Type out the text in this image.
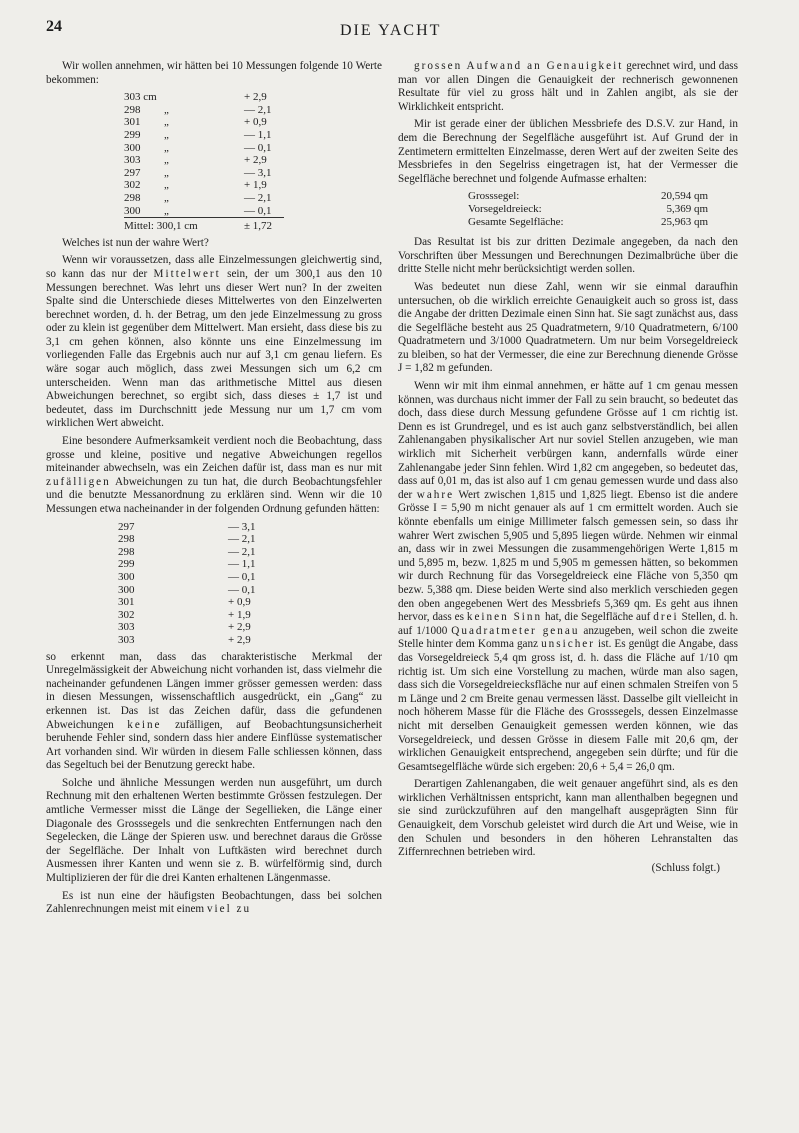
24	DIE YACHT

Wir wollen annehmen, wir hätten bei 10 Messungen folgende 10 Werte bekommen:

303 cm		+ 2,9
298	„	— 2,1
301	„	+ 0,9
299	„	— 1,1
300	„	— 0,1
303	„	+ 2,9
297	„	— 3,1
302	„	+ 1,9
298	„	— 2,1
300	„	— 0,1
Mittel: 300,1 cm		± 1,72

Welches ist nun der wahre Wert?

Wenn wir voraussetzen, dass alle Einzelmessungen gleichwertig sind, so kann das nur der Mittelwert sein, der um 300,1 aus den 10 Messungen berechnet. Was lehrt uns dieser Wert nun? In der zweiten Spalte sind die Unterschiede dieses Mittelwertes von den Einzelwerten berechnet worden, d. h. der Betrag, um den jede Einzelmessung zu gross oder zu klein ist gegenüber dem Mittelwert. Man ersieht, dass diese bis zu 3,1 cm gehen können, also könnte uns eine Einzelmessung im vorliegenden Falle das Ergebnis auch nur auf 3,1 cm genau liefern. Es wäre sogar auch möglich, dass zwei Messungen sich um 6,2 cm unterscheiden. Wenn man das arithmetische Mittel aus diesen Abweichungen berechnet, so ergibt sich, dass dieses ± 1,7 ist und bedeutet, dass im Durchschnitt jede Messung nur um 1,7 cm vom wirklichen Wert abweicht.

Eine besondere Aufmerksamkeit verdient noch die Beobachtung, dass grosse und kleine, positive und negative Abweichungen regellos miteinander abwechseln, was ein Zeichen dafür ist, dass man es nur mit zufälligen Abweichungen zu tun hat, die durch Beobachtungsfehler und die benutzte Messanordnung zu erklären sind. Wenn wir die 10 Messungen etwa nacheinander in der folgenden Ordnung gefunden hätten:

297	— 3,1
298	— 2,1
298	— 2,1
299	— 1,1
300	— 0,1
300	— 0,1
301	+ 0,9
302	+ 1,9
303	+ 2,9
303	+ 2,9

so erkennt man, dass das charakteristische Merkmal der Unregelmässigkeit der Abweichung nicht vorhanden ist, dass vielmehr die nacheinander gefundenen Längen immer grösser gemessen werden: dass in diesen Messungen, wissenschaftlich ausgedrückt, ein „Gang“ zu erkennen ist. Das ist das Zeichen dafür, dass die gefundenen Abweichungen keine zufälligen, auf Beobachtungsunsicherheit beruhende Fehler sind, sondern dass hier andere Einflüsse systematischer Art vorhanden sind. Wir würden in diesem Falle schliessen können, dass das Segeltuch bei der Benutzung gereckt habe.

Solche und ähnliche Messungen werden nun ausgeführt, um durch Rechnung mit den erhaltenen Werten bestimmte Grössen festzulegen. Der amtliche Vermesser misst die Länge der Segellieken, die Länge einer Diagonale des Grosssegels und die senkrechten Entfernungen nach den Segelecken, die Länge der Spieren usw. und berechnet daraus die Grösse der Segelfläche. Der Inhalt von Luftkästen wird berechnet durch Ausmessen ihrer Kanten und wenn sie z. B. würfelförmig sind, durch Multiplizieren der für die drei Kanten erhaltenen Längenmasse.

Es ist nun eine der häufigsten Beobachtungen, dass bei solchen Zahlenrechnungen meist mit einem viel zu

grossen Aufwand an Genauigkeit gerechnet wird, und dass man vor allen Dingen die Genauigkeit der rechnerisch gewonnenen Resultate für viel zu gross hält und in Zahlen angibt, als sie der Wirklichkeit entspricht.

Mir ist gerade einer der üblichen Messbriefe des D.S.V. zur Hand, in dem die Berechnung der Segelfläche ausgeführt ist. Auf Grund der in Zentimetern ermittelten Einzelmasse, deren Wert auf der zweiten Seite des Messbriefes in den Segelriss eingetragen ist, hat der Vermesser die Segelfläche berechnet und folgende Aufmasse erhalten:

Grosssegel:	20,594 qm
Vorsegeldreieck:	5,369 qm
Gesamte Segelfläche:	25,963 qm

Das Resultat ist bis zur dritten Dezimale angegeben, da nach den Vorschriften über Messungen und Berechnungen Dezimalbrüche über die dritte Stelle nicht mehr berücksichtigt werden sollen.

Was bedeutet nun diese Zahl, wenn wir sie einmal daraufhin untersuchen, ob die wirklich erreichte Genauigkeit auch so gross ist, dass die Angabe der dritten Dezimale einen Sinn hat. Sie sagt zunächst aus, dass die Segelfläche besteht aus 25 Quadratmetern, 9/10 Quadratmetern, 6/100 Quadratmetern und 3/1000 Quadratmetern. Um nur beim Vorsegeldreieck zu bleiben, so hat der Vermesser, die eine zur Berechnung dienende Grösse J = 1,82 m gefunden.

Wenn wir mit ihm einmal annehmen, er hätte auf 1 cm genau messen können, was durchaus nicht immer der Fall zu sein braucht, so bedeutet das doch, dass diese durch Messung gefundene Grösse auf 1 cm richtig ist. Denn es ist Grundregel, und es ist auch ganz selbstverständlich, bei allen Zahlenangaben physikalischer Art nur soviel Stellen anzugeben, wie man wirklich mit Sicherheit verbürgen kann, andernfalls würde einer Zahlenangabe jeder Sinn fehlen. Wird 1,82 cm angegeben, so bedeutet das, dass auf 0,01 m, das ist also auf 1 cm genau gemessen wurde und dass also der wahre Wert zwischen 1,815 und 1,825 liegt. Ebenso ist die andere Grösse I = 5,90 m nicht genauer als auf 1 cm ermittelt worden. Auch sie könnte ebenfalls um einige Millimeter falsch gemessen sein, so dass ihr wahrer Wert zwischen 5,905 und 5,895 liegen würde. Nehmen wir einmal an, dass wir in zwei Messungen die zusammengehörigen Werte 1,815 m und 5,895 m, bezw. 1,825 m und 5,905 m gemessen hätten, so bekommen wir durch Rechnung für das Vorsegeldreieck eine Fläche von 5,350 qm bezw. 5,388 qm. Diese beiden Werte sind also merklich verschieden gegen den oben angegebenen Wert des Messbriefs 5,369 qm. Es geht aus ihnen hervor, dass es keinen Sinn hat, die Segelfläche auf drei Stellen, d. h. auf 1/1000 Quadratmeter genau anzugeben, weil schon die zweite Stelle hinter dem Komma ganz unsicher ist. Es genügt die Angabe, dass das Vorsegeldreieck 5,4 qm gross ist, d. h. dass die Fläche auf 1/10 qm richtig ist. Um sich eine Vorstellung zu machen, würde man also sagen, dass sich die Vorsegeldreiecksfläche nur auf einen schmalen Streifen von 5 m Länge und 2 cm Breite genau vermessen lässt. Dasselbe gilt vielleicht in noch höherem Masse für die Fläche des Grosssegels, dessen Einzelmasse nicht mit derselben Genauigkeit gemessen werden können, wie das Vorsegeldreieck, und dessen Grösse in diesem Falle mit 20,6 qm, der wirklichen Genauigkeit entsprechend, angegeben sein dürfte; und für die Gesamtsegelfläche würde sich ergeben: 20,6 + 5,4 = 26,0 qm.

Derartigen Zahlenangaben, die weit genauer angeführt sind, als es den wirklichen Verhältnissen entspricht, kann man allenthalben begegnen und sie sind zurückzuführen auf den mangelhaft ausgeprägten Sinn für Genauigkeit, dem Vorschub geleistet wird durch die Art und Weise, wie in den Schulen und besonders in den höheren Lehranstalten das Ziffernrechnen betrieben wird.

(Schluss folgt.)
